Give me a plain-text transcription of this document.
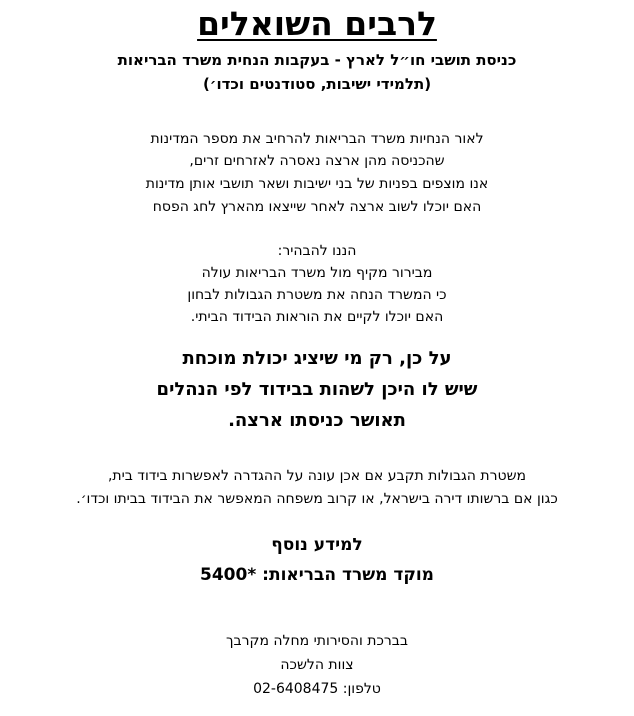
לרבים השואלים
כניסת תושבי חו״ל לארץ - בעקבות הנחית משרד הבריאות
(תלמידי ישיבות, סטודנטים וכדו׳)
לאור הנחיות משרד הבריאות להרחיב את מספר המדינות
שהכניסה מהן ארצה נאסרה לאזרחים זרים,
אנו מוצפים בפניות של בני ישיבות ושאר תושבי אותן מדינות
האם יוכלו לשוב ארצה לאחר שייצאו מהארץ לחג הפסח
הננו להבהיר:
מבירור מקיף מול משרד הבריאות עולה
כי המשרד הנחה את משטרת הגבולות לבחון
האם יוכלו לקיים את הוראות הבידוד הביתי.
על כן, רק מי שיציג יכולת מוכחת
שיש לו היכן לשהות בבידוד לפי הנהלים
תאושר כניסתו ארצה.
משטרת הגבולות תקבע אם אכן עונה על ההגדרה לאפשרות בידוד בית,
כגון אם ברשותו דירה בישראל, או קרוב משפחה המאפשר את הבידוד בביתו וכדו׳.
למידע נוסף
מוקד משרד הבריאות: 5400*
בברכת והסירותי מחלה מקרבך
צוות הלשכה
טלפון: 02-6408475
